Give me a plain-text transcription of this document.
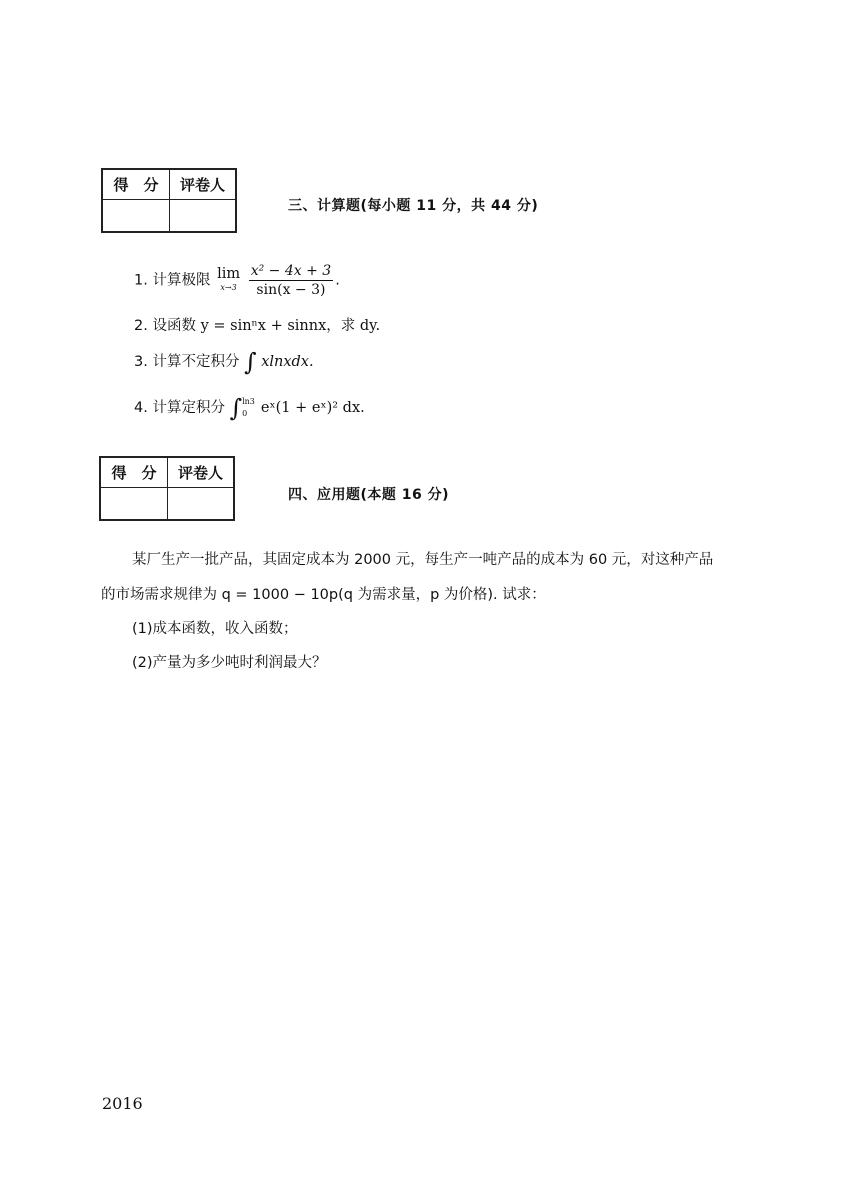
得　分	评卷人

三、计算题(每小题 11 分，共 44 分)
1. 计算极限 lim
x→3
$\frac{\text{x² − 4x + 3}}{\sin(x - 3)}$ .
2. 设函数 y = sinⁿx + sinnx，求 dy.
3. 计算不定积分 ∫ xlnxdx.
4. 计算定积分 ∫ ln3
0 eˣ(1 + eˣ)² dx.
得　分	评卷人

四、应用题(本题 16 分)
某厂生产一批产品，其固定成本为 2000 元，每生产一吨产品的成本为 60 元，对这种产品
的市场需求规律为 q = 1000 − 10p(q 为需求量，p 为价格). 试求：
(1)成本函数，收入函数；
(2)产量为多少吨时利润最大？
2016
